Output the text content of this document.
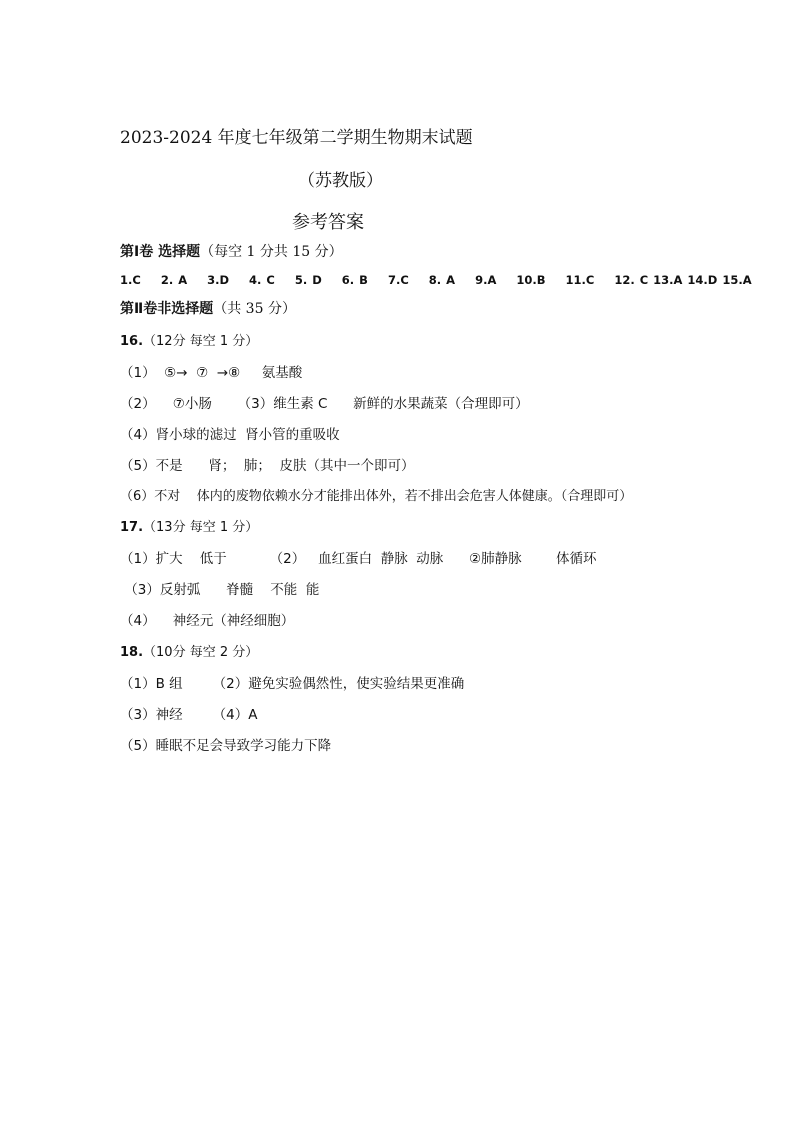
2023-2024 年度七年级第二学期生物期末试题
（苏教版）
参考答案
第Ⅰ卷 选择题（每空 1 分共 15 分）
1.C    2. A    3.D    4. C    5. D    6. B    7.C    8. A    9.A    10.B    11.C    12. C 13.A 14.D 15.A
第Ⅱ卷非选择题（共 35 分）
16.（12分 每空 1 分）
（1）  ⑤→  ⑦  →⑧     氨基酸
（2）    ⑦小肠      （3）维生素 C      新鲜的水果蔬菜（合理即可）
（4）肾小球的滤过  肾小管的重吸收
（5）不是      肾；  肺；  皮肤（其中一个即可）
（6）不对    体内的废物依赖水分才能排出体外，若不排出会危害人体健康。（合理即可）
17.（13分 每空 1 分）
（1）扩大    低于          （2）   血红蛋白  静脉  动脉      ②肺静脉        体循环
（3）反射弧      脊髓    不能  能
（4）    神经元（神经细胞）
18.（10分 每空 2 分）
（1）B 组       （2）避免实验偶然性，使实验结果更准确
（3）神经       （4）A
（5）睡眠不足会导致学习能力下降
